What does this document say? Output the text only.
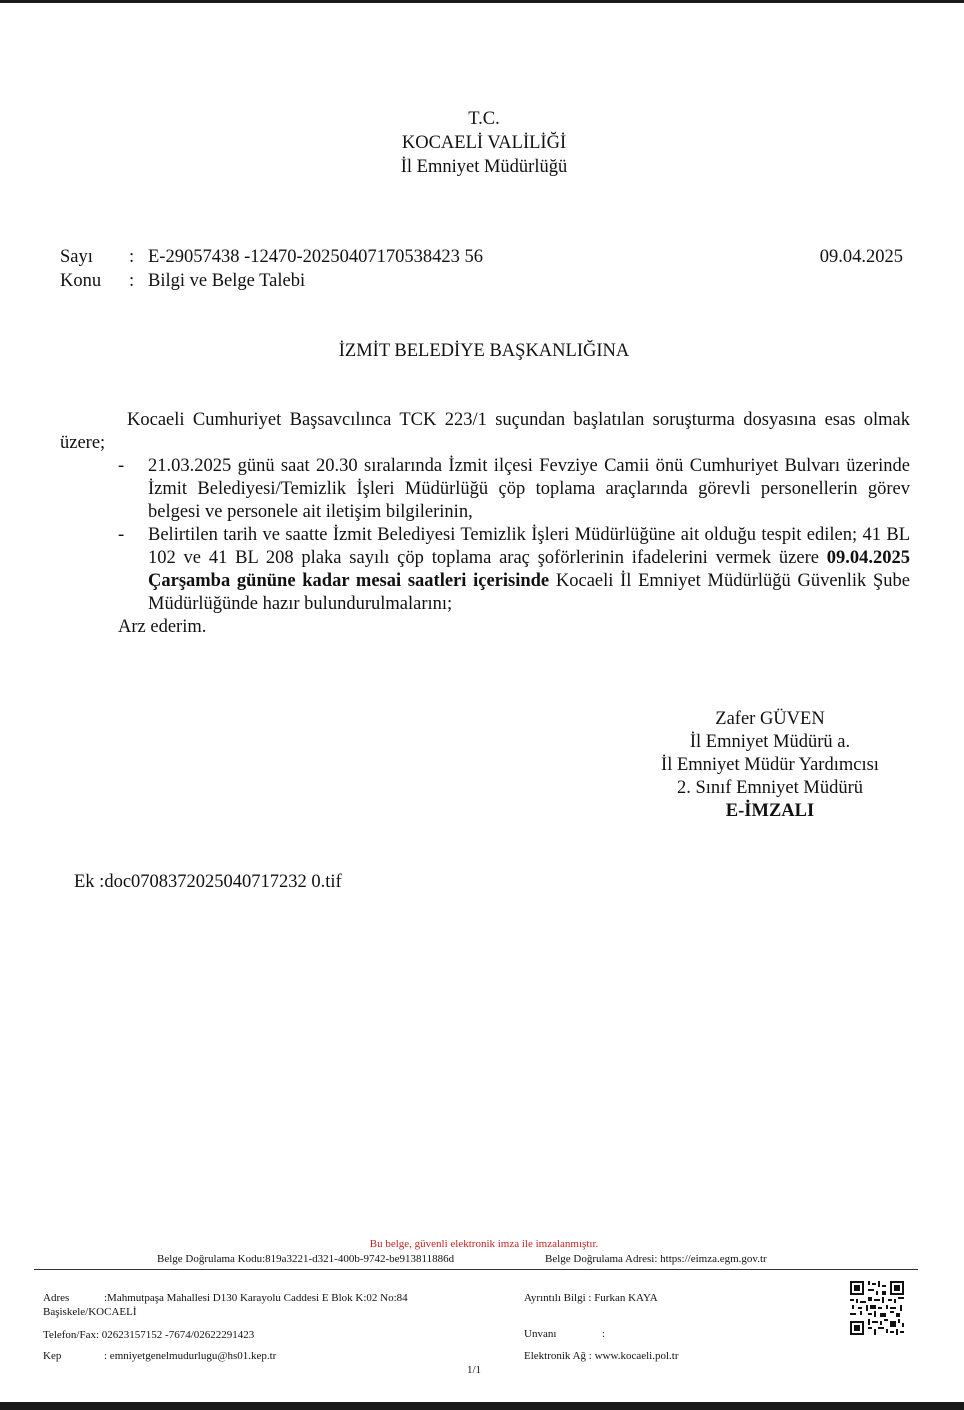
T.C.
KOCAELİ VALİLİĞİ
İl Emniyet Müdürlüğü
Sayı : E-29057438 -12470-20250407170538423 56	09.04.2025
Konu : Bilgi ve Belge Talebi
İZMİT BELEDİYE BAŞKANLIĞINA

Kocaeli Cumhuriyet Başsavcılınca TCK 223/1 suçundan başlatılan soruşturma dosyasına esas olmak üzere;

- 21.03.2025 günü saat 20.30 sıralarında İzmit ilçesi Fevziye Camii önü Cumhuriyet Bulvarı üzerinde İzmit Belediyesi/Temizlik İşleri Müdürlüğü çöp toplama araçlarında görevli personellerin görev belgesi ve personele ait iletişim bilgilerinin,

- Belirtilen tarih ve saatte İzmit Belediyesi Temizlik İşleri Müdürlüğüne ait olduğu tespit edilen; 41 BL 102 ve 41 BL 208 plaka sayılı çöp toplama araç şoförlerinin ifadelerini vermek üzere 09.04.2025 Çarşamba gününe kadar mesai saatleri içerisinde Kocaeli İl Emniyet Müdürlüğü Güvenlik Şube Müdürlüğünde hazır bulundurulmalarını;

Arz ederim.

Zafer GÜVEN
İl Emniyet Müdürü a.
İl Emniyet Müdür Yardımcısı
2. Sınıf Emniyet Müdürü
E-İMZALI
Ek :doc0708372025040717232 0.tif
Bu belge, güvenli elektronik imza ile imzalanmıştır.
Belge Doğrulama Kodu:819a3221-d321-400b-9742-be913811886d	Belge Doğrulama Adresi: https://eimza.egm.gov.tr
Adres	:Mahmutpaşa Mahallesi D130 Karayolu Caddesi E Blok K:02 No:84
Başiskele/KOCAELİ
Telefon/Fax: 02623157152 -7674/02622291423
Kep	: emniyetgenelmudurlugu@hs01.kep.tr
Ayrıntılı Bilgi : Furkan KAYA
Unvanı	:
Elektronik Ağ : www.kocaeli.pol.tr
1/1
